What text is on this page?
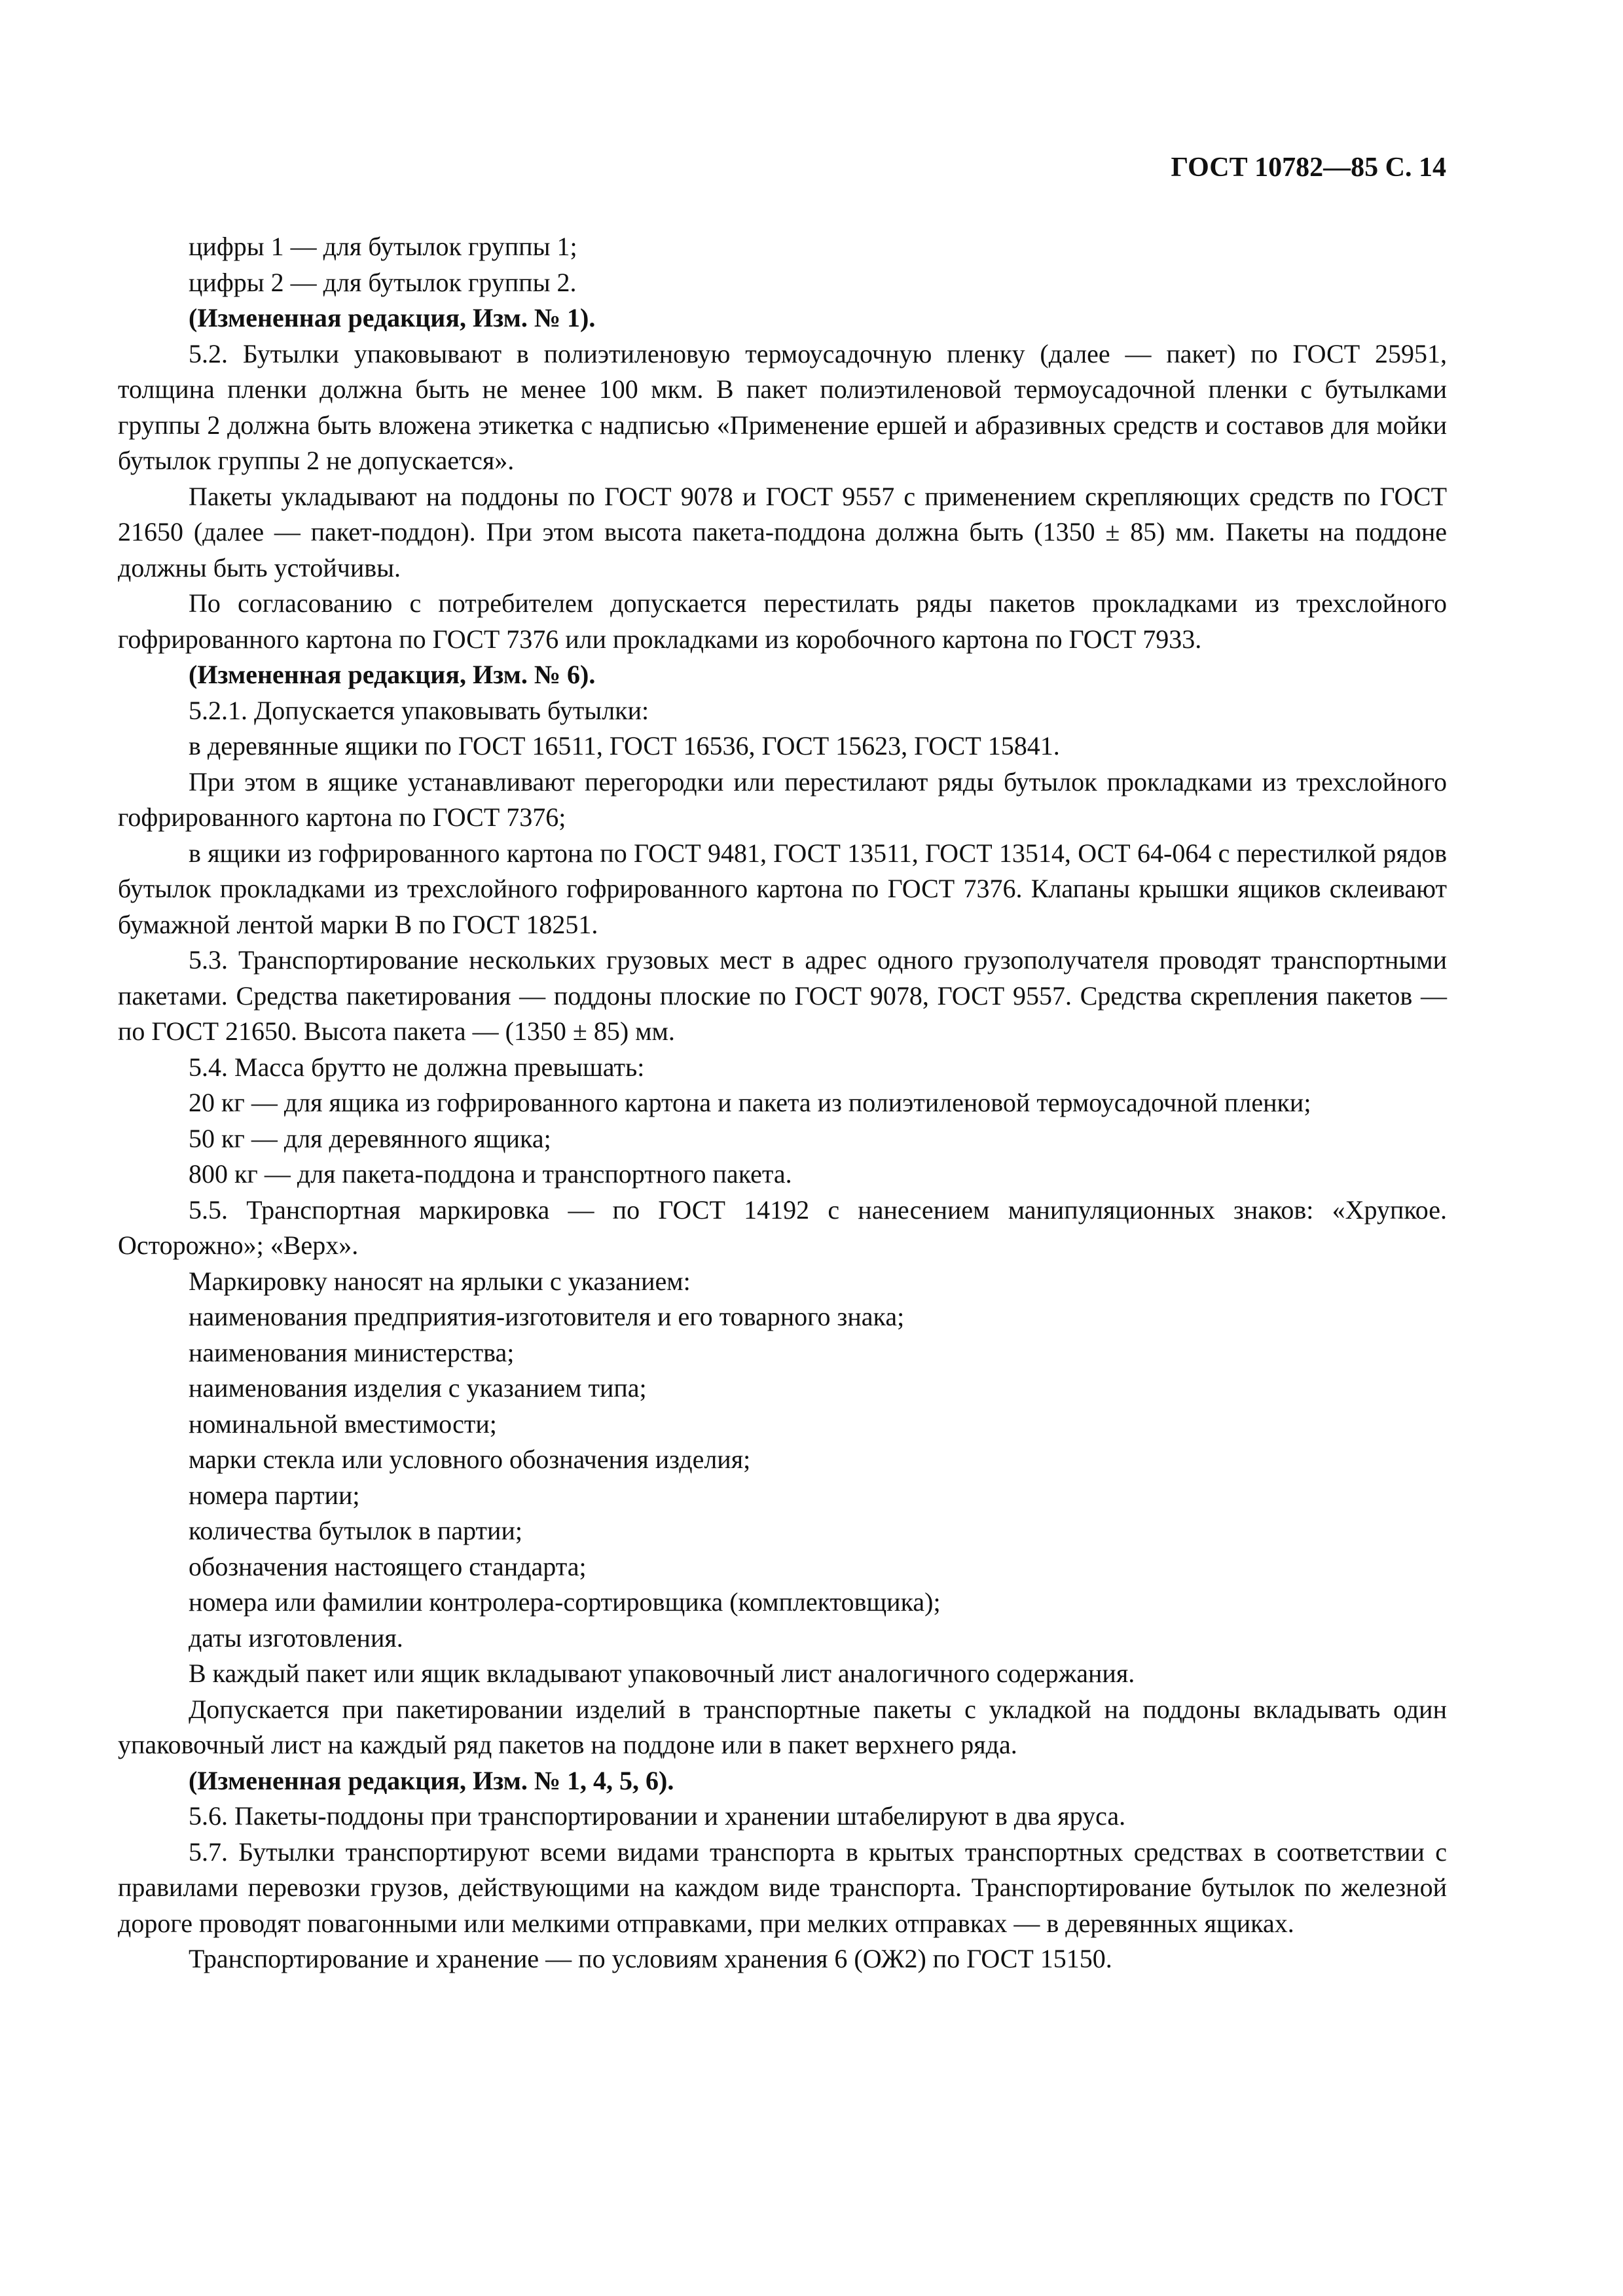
ГОСТ 10782—85 С. 14

цифры 1 — для бутылок группы 1;

цифры 2 — для бутылок группы 2.

(Измененная редакция, Изм. № 1).

5.2. Бутылки упаковывают в полиэтиленовую термоусадочную пленку (далее — пакет) по ГОСТ 25951, толщина пленки должна быть не менее 100 мкм. В пакет полиэтиленовой термоусадочной пленки с бутылками группы 2 должна быть вложена этикетка с надписью «Применение ершей и абразивных средств и составов для мойки бутылок группы 2 не допускается».

Пакеты укладывают на поддоны по ГОСТ 9078 и ГОСТ 9557 с применением скрепляющих средств по ГОСТ 21650 (далее — пакет-поддон). При этом высота пакета-поддона должна быть (1350 ± 85) мм. Пакеты на поддоне должны быть устойчивы.

По согласованию с потребителем допускается перестилать ряды пакетов прокладками из трехслойного гофрированного картона по ГОСТ 7376 или прокладками из коробочного картона по ГОСТ 7933.

(Измененная редакция, Изм. № 6).

5.2.1. Допускается упаковывать бутылки:

в деревянные ящики по ГОСТ 16511, ГОСТ 16536, ГОСТ 15623, ГОСТ 15841.

При этом в ящике устанавливают перегородки или перестилают ряды бутылок прокладками из трехслойного гофрированного картона по ГОСТ 7376;

в ящики из гофрированного картона по ГОСТ 9481, ГОСТ 13511, ГОСТ 13514, ОСТ 64-064 с перестилкой рядов бутылок прокладками из трехслойного гофрированного картона по ГОСТ 7376. Клапаны крышки ящиков склеивают бумажной лентой марки В по ГОСТ 18251.

5.3. Транспортирование нескольких грузовых мест в адрес одного грузополучателя проводят транспортными пакетами. Средства пакетирования — поддоны плоские по ГОСТ 9078, ГОСТ 9557. Средства скрепления пакетов — по ГОСТ 21650. Высота пакета — (1350 ± 85) мм.

5.4. Масса брутто не должна превышать:

20 кг — для ящика из гофрированного картона и пакета из полиэтиленовой термоусадочной пленки;

50 кг — для деревянного ящика;

800 кг — для пакета-поддона и транспортного пакета.

5.5. Транспортная маркировка — по ГОСТ 14192 с нанесением манипуляционных знаков: «Хрупкое. Осторожно»; «Верх».

Маркировку наносят на ярлыки с указанием:

наименования предприятия-изготовителя и его товарного знака;

наименования министерства;

наименования изделия с указанием типа;

номинальной вместимости;

марки стекла или условного обозначения изделия;

номера партии;

количества бутылок в партии;

обозначения настоящего стандарта;

номера или фамилии контролера-сортировщика (комплектовщика);

даты изготовления.

В каждый пакет или ящик вкладывают упаковочный лист аналогичного содержания.

Допускается при пакетировании изделий в транспортные пакеты с укладкой на поддоны вкладывать один упаковочный лист на каждый ряд пакетов на поддоне или в пакет верхнего ряда.

(Измененная редакция, Изм. № 1, 4, 5, 6).

5.6. Пакеты-поддоны при транспортировании и хранении штабелируют в два яруса.

5.7. Бутылки транспортируют всеми видами транспорта в крытых транспортных средствах в соответствии с правилами перевозки грузов, действующими на каждом виде транспорта. Транспортирование бутылок по железной дороге проводят повагонными или мелкими отправками, при мелких отправках — в деревянных ящиках.

Транспортирование и хранение — по условиям хранения 6 (ОЖ2) по ГОСТ 15150.
